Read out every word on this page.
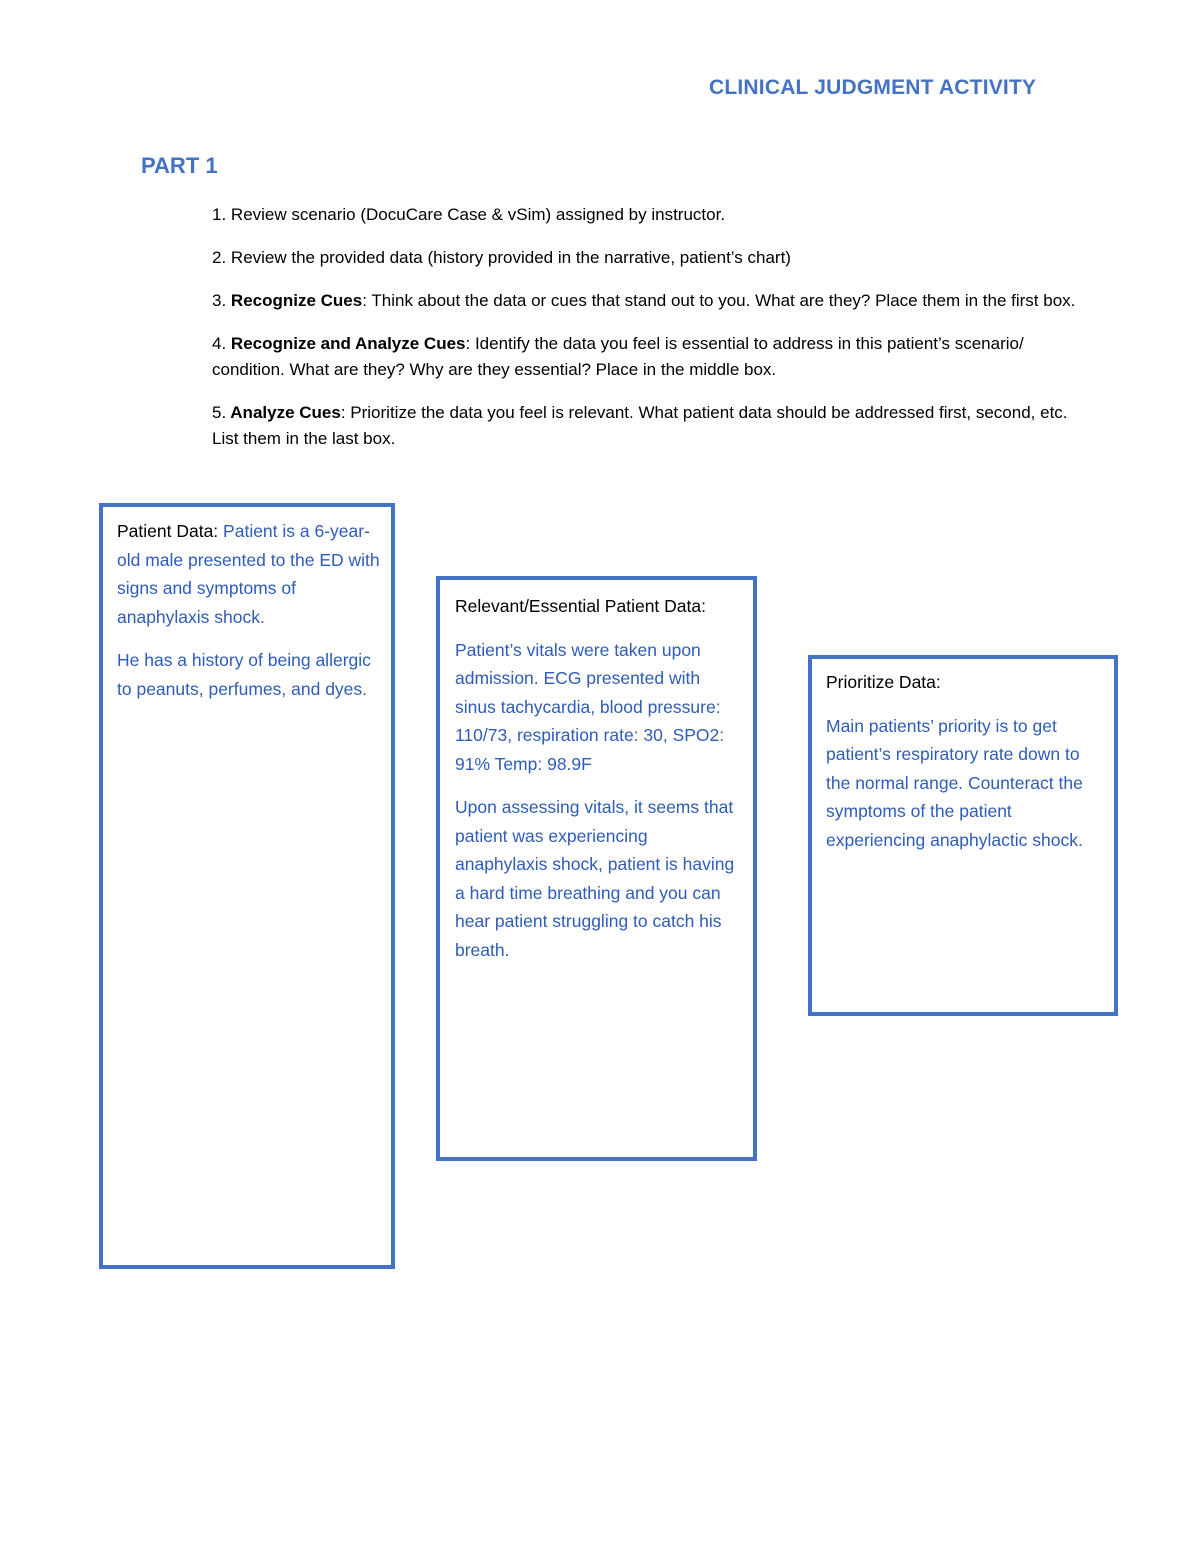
CLINICAL JUDGMENT ACTIVITY
PART 1
1. Review scenario (DocuCare Case & vSim) assigned by instructor.
2. Review the provided data (history provided in the narrative, patient’s chart)
3. Recognize Cues: Think about the data or cues that stand out to you. What are they? Place them in the first box.
4. Recognize and Analyze Cues: Identify the data you feel is essential to address in this patient’s scenario/ condition. What are they? Why are they essential? Place in the middle box.
5. Analyze Cues: Prioritize the data you feel is relevant. What patient data should be addressed first, second, etc. List them in the last box.

Patient Data: Patient is a 6-year-old male presented to the ED with signs and symptoms of anaphylaxis shock.

He has a history of being allergic to peanuts, perfumes, and dyes.

Relevant/Essential Patient Data:

Patient’s vitals were taken upon admission. ECG presented with sinus tachycardia, blood pressure: 110/73, respiration rate: 30, SPO2: 91% Temp: 98.9F

Upon assessing vitals, it seems that patient was experiencing anaphylaxis shock, patient is having a hard time breathing and you can hear patient struggling to catch his breath.

Prioritize Data:

Main patients’ priority is to get patient’s respiratory rate down to the normal range. Counteract the symptoms of the patient experiencing anaphylactic shock.
